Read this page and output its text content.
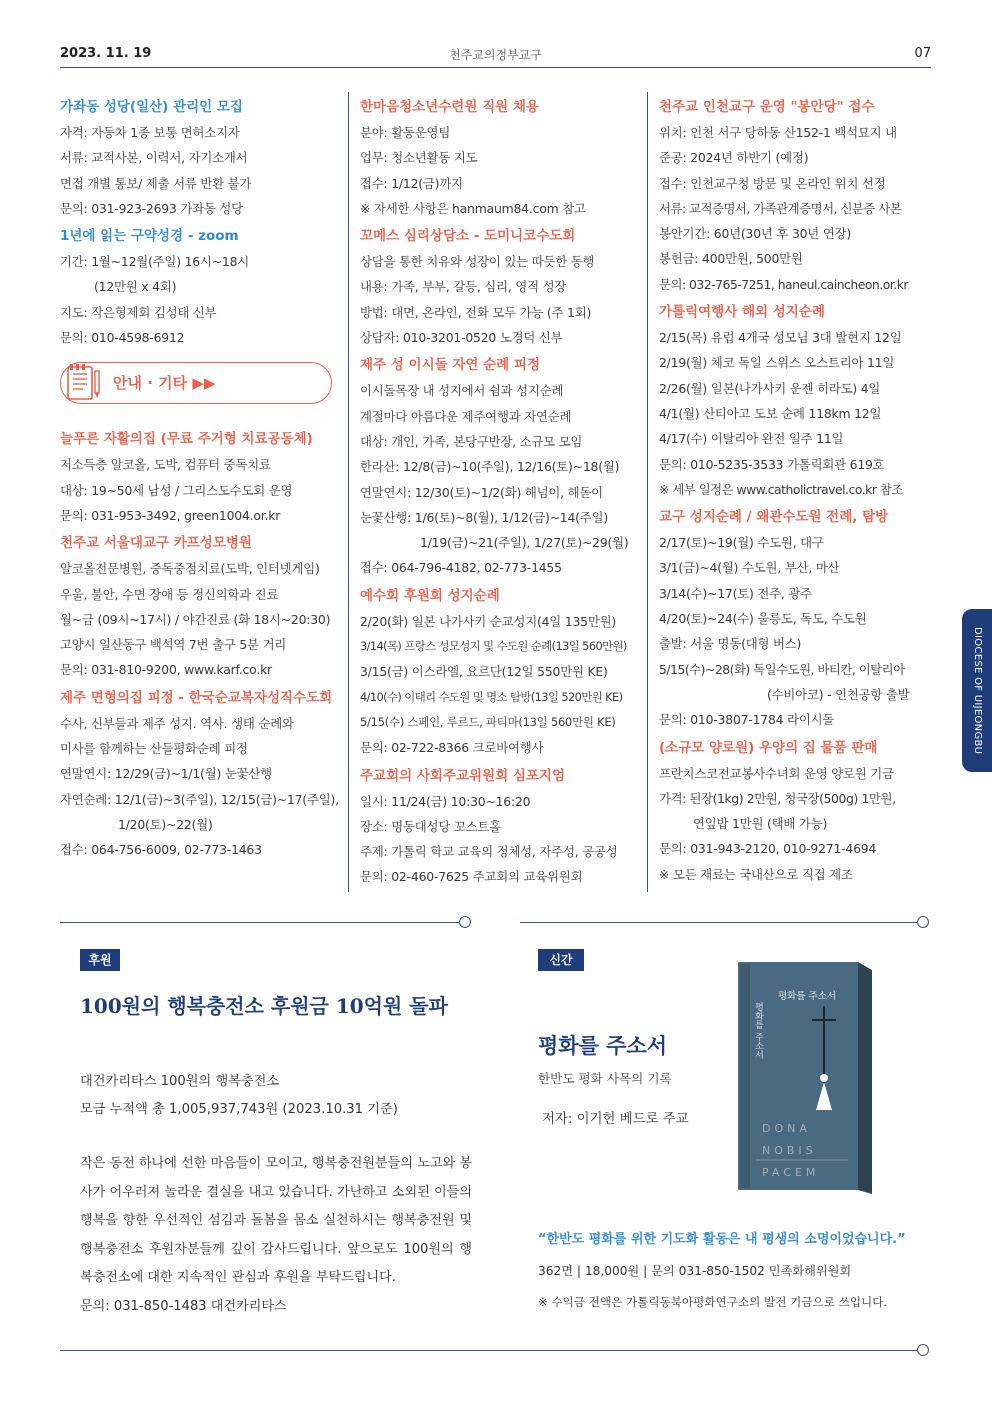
2023. 11. 19	천주교의정부교구	07
가좌동 성당(일산) 관리인 모집
자격: 자동차 1종 보통 면허소지자
서류: 교적사본, 이력서, 자기소개서
면접 개별 통보/ 제출 서류 반환 불가
문의: 031-923-2693 가좌동 성당
1년에 읽는 구약성경 - zoom
기간: 1월~12월(주일) 16시~18시
(12만원 x 4회)
지도: 작은형제회 김성태 신부
문의: 010-4598-6912
안내 · 기타 ▶▶
늘푸른 자활의집 (무료 주거형 치료공동체)
저소득층 알코올, 도박, 컴퓨터 중독치료
대상: 19~50세 남성 / 그리스도수도회 운영
문의: 031-953-3492, green1004.or.kr
천주교 서울대교구 카프성모병원
알코올전문병원, 중독중점치료(도박, 인터넷게임)
우울, 불안, 수면 장애 등 정신의학과 진료
월~금 (09시~17시) / 야간진료 (화 18시~20:30)
고양시 일산동구 백석역 7번 출구 5분 거리
문의: 031-810-9200, www.karf.co.kr
제주 면형의집 피정 - 한국순교복자성직수도회
수사, 신부들과 제주 성지. 역사. 생태 순례와
미사를 함께하는 산들평화순례 피정
연말연시: 12/29(금)~1/1(월) 눈꽃산행
자연순례: 12/1(금)~3(주일), 12/15(금)~17(주일),
1/20(토)~22(월)
접수: 064-756-6009, 02-773-1463
한마음청소년수련원 직원 채용
분야: 활동운영팀
업무: 청소년활동 지도
접수: 1/12(금)까지
※ 자세한 사항은 hanmaum84.com 참고
꼬메스 심리상담소 - 도미니코수도회
상담을 통한 치유와 성장이 있는 따듯한 동행
내용: 가족, 부부, 갈등, 심리, 영적 성장
방법: 대면, 온라인, 전화 모두 가능 (주 1회)
상담자: 010-3201-0520 노경덕 신부
제주 성 이시돌 자연 순례 피정
이시돌목장 내 성지에서 쉼과 성지순례
계절마다 아름다운 제주여행과 자연순례
대상: 개인, 가족, 본당구반장, 소규모 모임
한라산: 12/8(금)~10(주일), 12/16(토)~18(월)
연말연시: 12/30(토)~1/2(화) 해넘이, 해돋이
눈꽃산행: 1/6(토)~8(월), 1/12(금)~14(주일)
1/19(금)~21(주일), 1/27(토)~29(월)
접수: 064-796-4182, 02-773-1455
예수회 후원회 성지순례
2/20(화) 일본 나가사키 순교성지(4일 135만원)
3/14(목) 프랑스 성모성지 및 수도원 순례(13일 560만원)
3/15(금) 이스라엘, 요르단(12일 550만원 KE)
4/10(수) 이태리 수도원 및 명소 탐방(13일 520만원 KE)
5/15(수) 스페인, 루르드, 파티마(13일 560만원 KE)
문의: 02-722-8366 크로바여행사
주교회의 사회주교위원회 심포지엄
일시: 11/24(금) 10:30~16:20
장소: 명동대성당 꼬스트홀
주제: 가톨릭 학교 교육의 정체성, 자주성, 공공성
문의: 02-460-7625 주교회의 교육위원회
천주교 인천교구 운영 "봉안당" 접수
위치: 인천 서구 당하동 산152-1 백석묘지 내
준공: 2024년 하반기 (예정)
접수: 인천교구청 방문 및 온라인 위치 선정
서류: 교적증명서, 가족관계증명서, 신분증 사본
봉안기간: 60년(30년 후 30년 연장)
봉헌금: 400만원, 500만원
문의: 032-765-7251, haneul.caincheon.or.kr
가톨릭여행사 해외 성지순례
2/15(목) 유럽 4개국 성모님 3대 발현지 12일
2/19(월) 체코 독일 스위스 오스트리아 11일
2/26(월) 일본(나가사키 운젠 히라도) 4일
4/1(월) 산티아고 도보 순례 118km 12일
4/17(수) 이탈리아 완전 일주 11일
문의: 010-5235-3533 가톨릭회관 619호
※ 세부 일정은 www.catholictravel.co.kr 참조
교구 성지순례 / 왜관수도원 전례, 탐방
2/17(토)~19(월) 수도원, 대구
3/1(금)~4(월) 수도원, 부산, 마산
3/14(수)~17(토) 전주, 광주
4/20(토)~24(수) 울릉도, 독도, 수도원
출발: 서울 명동(대형 버스)
5/15(수)~28(화) 독일수도원, 바티칸, 이탈리아
(수비아코) - 인천공항 출발
문의: 010-3807-1784 라이시돌
(소규모 양로원) 우양의 집 물품 판매
프란치스코전교봉사수녀회 운영 양로원 기금
가격: 된장(1kg) 2만원, 청국장(500g) 1만원,
연잎밥 1만원 (택배 가능)
문의: 031-943-2120, 010-9271-4694
※ 모든 재료는 국내산으로 직접 제조
DIOCESE OF UIJEONGBU
후원
100원의 행복충전소 후원금 10억원 돌파
대건카리타스 100원의 행복충전소
모금 누적액 총 1,005,937,743원 (2023.10.31 기준)
작은 동전 하나에 선한 마음들이 모이고, 행복충전원분들의 노고와 봉사가 어우러져 놀라운 결실을 내고 있습니다. 가난하고 소외된 이들의 행복을 향한 우선적인 섬김과 돌봄을 몸소 실천하시는 행복충전원 및 행복충전소 후원자분들께 깊이 감사드립니다. 앞으로도 100원의 행복충전소에 대한 지속적인 관심과 후원을 부탁드립니다.
문의: 031-850-1483 대건카리타스
신간
평화를 주소서
한반도 평화 사목의 기록
저자: 이기헌 베드로 주교
평화를 주소서
평화를 주소서
DONA NOBIS PACEM
“한반도 평화를 위한 기도화 활동은 내 평생의 소명이었습니다.”
362면 | 18,000원 | 문의 031-850-1502 민족화해위원회
※ 수익금 전액은 가톨릭동북아평화연구소의 발전 기금으로 쓰입니다.
